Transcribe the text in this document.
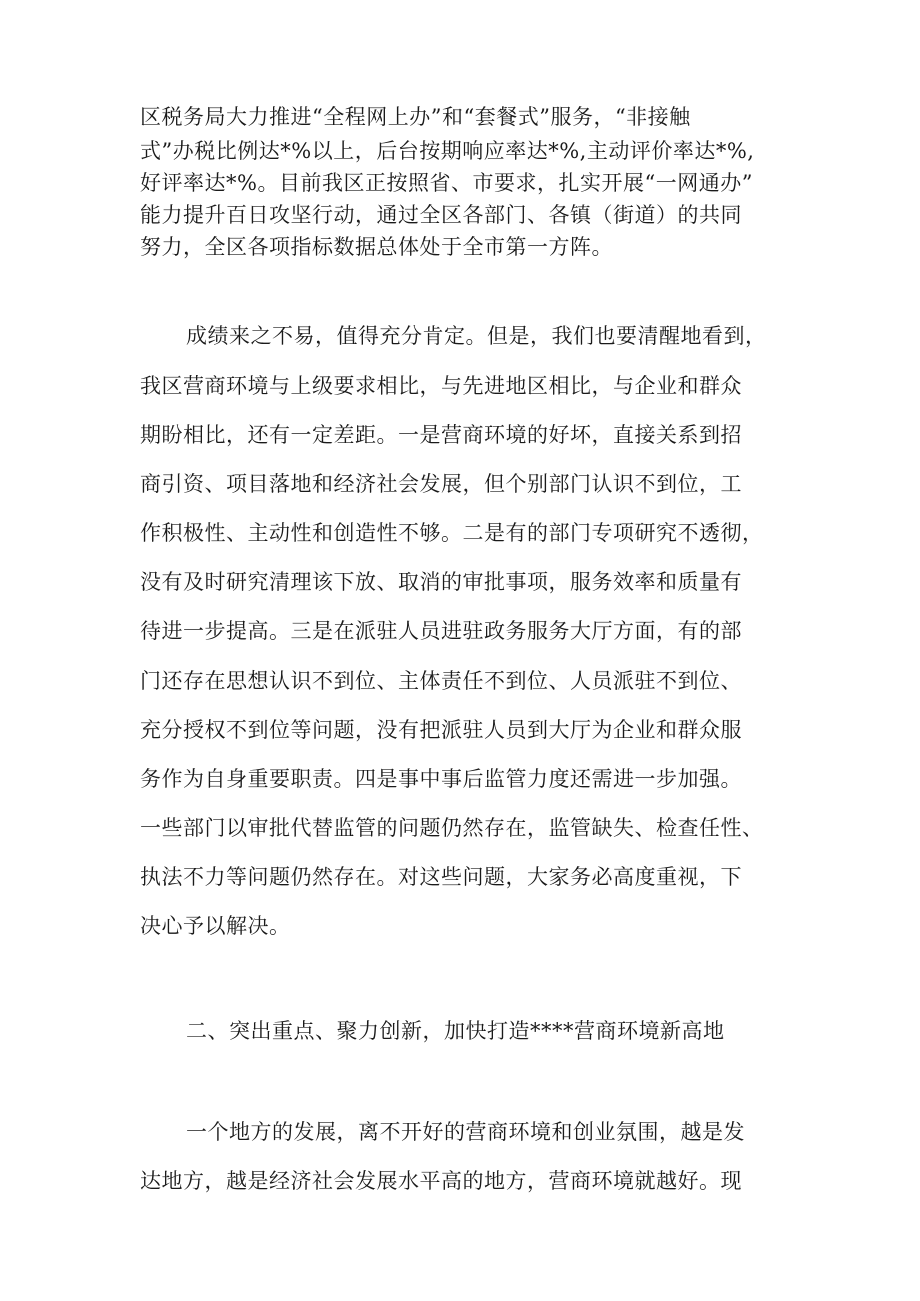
区税务局大力推进“全程网上办”和“套餐式”服务，“非接触
式”办税比例达*%以上，后台按期响应率达*%,主动评价率达*%,
好评率达*%。目前我区正按照省、市要求，扎实开展“一网通办”
能力提升百日攻坚行动，通过全区各部门、各镇（街道）的共同
努力，全区各项指标数据总体处于全市第一方阵。
成绩来之不易，值得充分肯定。但是，我们也要清醒地看到，
我区营商环境与上级要求相比，与先进地区相比，与企业和群众
期盼相比，还有一定差距。一是营商环境的好坏，直接关系到招
商引资、项目落地和经济社会发展，但个别部门认识不到位，工
作积极性、主动性和创造性不够。二是有的部门专项研究不透彻，
没有及时研究清理该下放、取消的审批事项，服务效率和质量有
待进一步提高。三是在派驻人员进驻政务服务大厅方面，有的部
门还存在思想认识不到位、主体责任不到位、人员派驻不到位、
充分授权不到位等问题，没有把派驻人员到大厅为企业和群众服
务作为自身重要职责。四是事中事后监管力度还需进一步加强。
一些部门以审批代替监管的问题仍然存在，监管缺失、检查任性、
执法不力等问题仍然存在。对这些问题，大家务必高度重视，下
决心予以解决。
二、突出重点、聚力创新，加快打造****营商环境新高地
一个地方的发展，离不开好的营商环境和创业氛围，越是发
达地方，越是经济社会发展水平高的地方，营商环境就越好。现
